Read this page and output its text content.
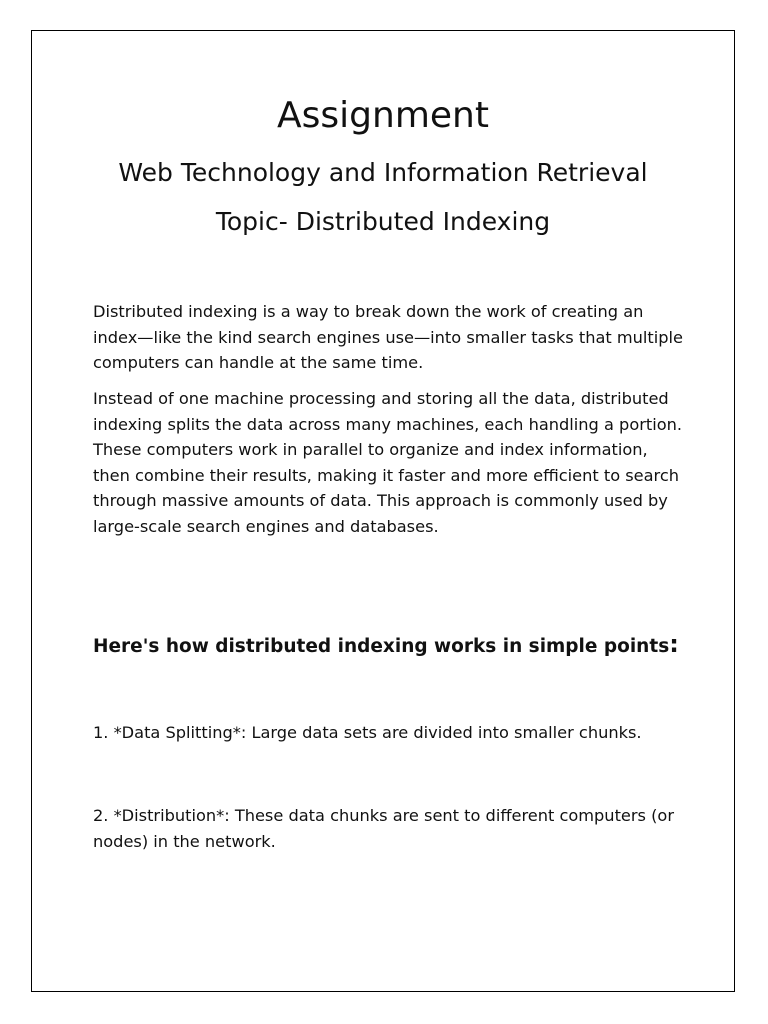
Assignment
Web Technology and Information Retrieval
Topic- Distributed Indexing

Distributed indexing is a way to break down the work of creating an index—like the kind search engines use—into smaller tasks that multiple computers can handle at the same time.

Instead of one machine processing and storing all the data, distributed indexing splits the data across many machines, each handling a portion. These computers work in parallel to organize and index information, then combine their results, making it faster and more efficient to search through massive amounts of data. This approach is commonly used by large-scale search engines and databases.

Here's how distributed indexing works in simple points:

1. *Data Splitting*: Large data sets are divided into smaller chunks.

2. *Distribution*: These data chunks are sent to different computers (or nodes) in the network.
